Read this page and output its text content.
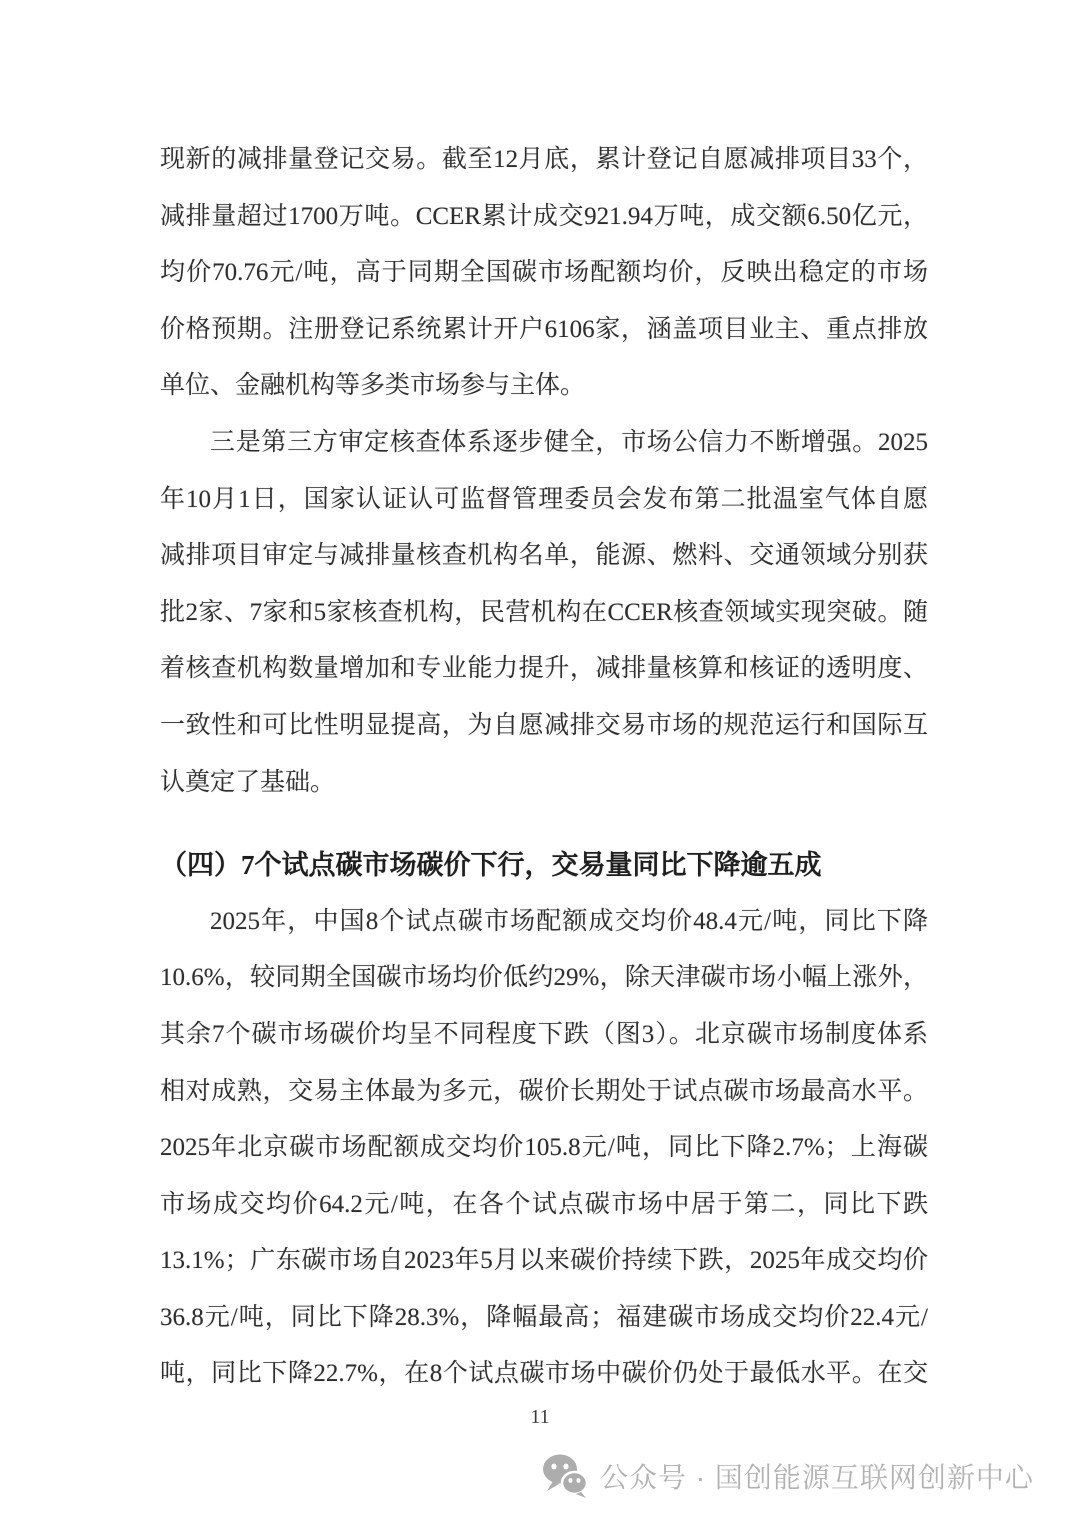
现新的减排量登记交易。截至12月底，累计登记自愿减排项目33个，
减排量超过1700万吨。CCER累计成交921.94万吨，成交额6.50亿元，
均价70.76元/吨，高于同期全国碳市场配额均价，反映出稳定的市场
价格预期。注册登记系统累计开户6106家，涵盖项目业主、重点排放
单位、金融机构等多类市场参与主体。
三是第三方审定核查体系逐步健全，市场公信力不断增强。2025
年10月1日，国家认证认可监督管理委员会发布第二批温室气体自愿
减排项目审定与减排量核查机构名单，能源、燃料、交通领域分别获
批2家、7家和5家核查机构，民营机构在CCER核查领域实现突破。随
着核查机构数量增加和专业能力提升，减排量核算和核证的透明度、
一致性和可比性明显提高，为自愿减排交易市场的规范运行和国际互
认奠定了基础。
（四）7个试点碳市场碳价下行，交易量同比下降逾五成
2025年，中国8个试点碳市场配额成交均价48.4元/吨，同比下降
10.6%，较同期全国碳市场均价低约29%，除天津碳市场小幅上涨外，
其余7个碳市场碳价均呈不同程度下跌（图3）。北京碳市场制度体系
相对成熟，交易主体最为多元，碳价长期处于试点碳市场最高水平。
2025年北京碳市场配额成交均价105.8元/吨，同比下降2.7%；上海碳
市场成交均价64.2元/吨，在各个试点碳市场中居于第二，同比下跌
13.1%；广东碳市场自2023年5月以来碳价持续下跌，2025年成交均价
36.8元/吨，同比下降28.3%，降幅最高；福建碳市场成交均价22.4元/
吨，同比下降22.7%，在8个试点碳市场中碳价仍处于最低水平。在交
11
公众号 · 国创能源互联网创新中心
